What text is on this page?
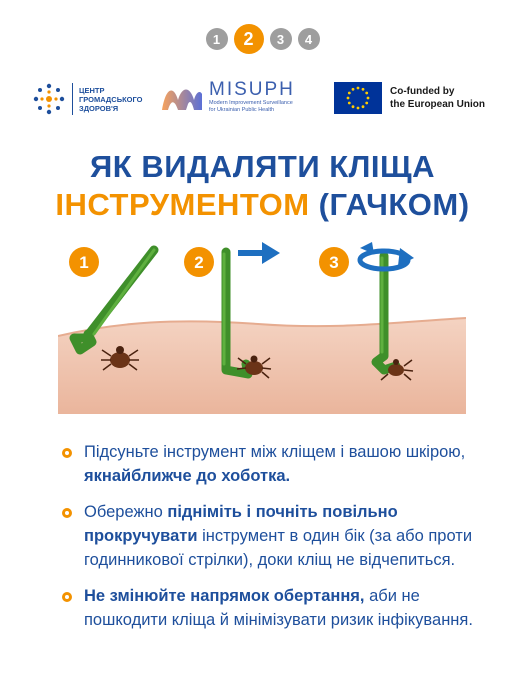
1	2	3	4
ЦЕНТР
ГРОМАДСЬКОГО
ЗДОРОВ'Я
MISUPH
Modern Improvement Surveillance
for Ukrainian Public Health
Co-funded by
the European Union
ЯК ВИДАЛЯТИ КЛІЩА
ІНСТРУМЕНТОМ (ГАЧКОМ)
1	2	3
Підсуньте інструмент між кліщем і вашою шкірою, якнайближче до хоботка.
Обережно підніміть і почніть повільно прокручувати інструмент в один бік (за або проти годинникової стрілки), доки кліщ не відчепиться.
Не змінюйте напрямок обертання, аби не пошкодити кліща й мінімізувати ризик інфікування.
